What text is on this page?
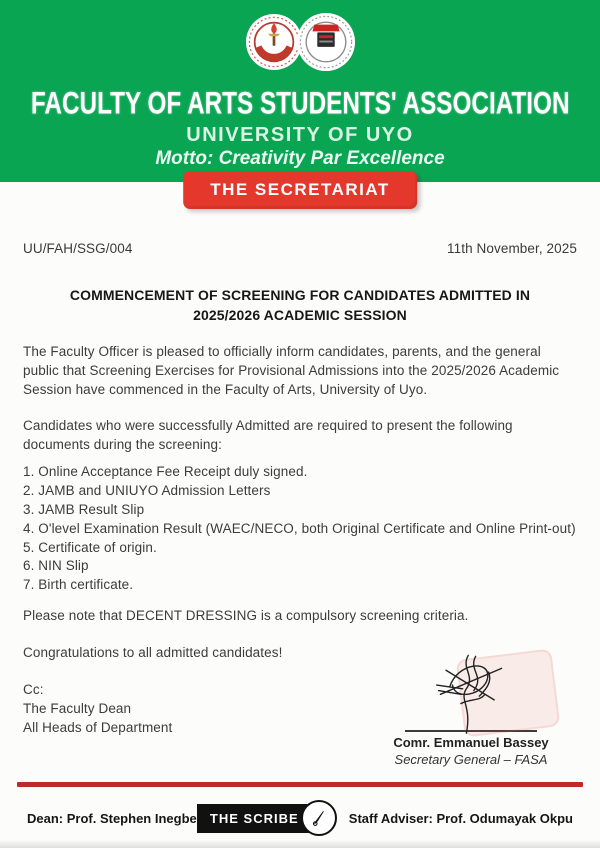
FACULTY OF ARTS STUDENTS' ASSOCIATION
UNIVERSITY OF UYO
Motto: Creativity Par Excellence
THE SECRETARIAT
UU/FAH/SSG/004	11th November, 2025
COMMENCEMENT OF SCREENING FOR CANDIDATES ADMITTED IN
2025/2026 ACADEMIC SESSION

The Faculty Officer is pleased to officially inform candidates, parents, and the general public that Screening Exercises for Provisional Admissions into the 2025/2026 Academic Session have commenced in the Faculty of Arts, University of Uyo.

Candidates who were successfully Admitted are required to present the following documents during the screening:

1. Online Acceptance Fee Receipt duly signed.
2. JAMB and UNIUYO Admission Letters
3. JAMB Result Slip
4. O'level Examination Result (WAEC/NECO, both Original Certificate and Online Print-out)
5. Certificate of origin.
6. NIN Slip
7. Birth certificate.

Please note that DECENT DRESSING is a compulsory screening criteria.

Congratulations to all admitted candidates!

Cc:
The Faculty Dean
All Heads of Department
Comr. Emmanuel Bassey
Secretary General – FASA
Dean: Prof. Stephen Inegbe	THE SCRIBE	Staff Adviser: Prof. Odumayak Okpu
